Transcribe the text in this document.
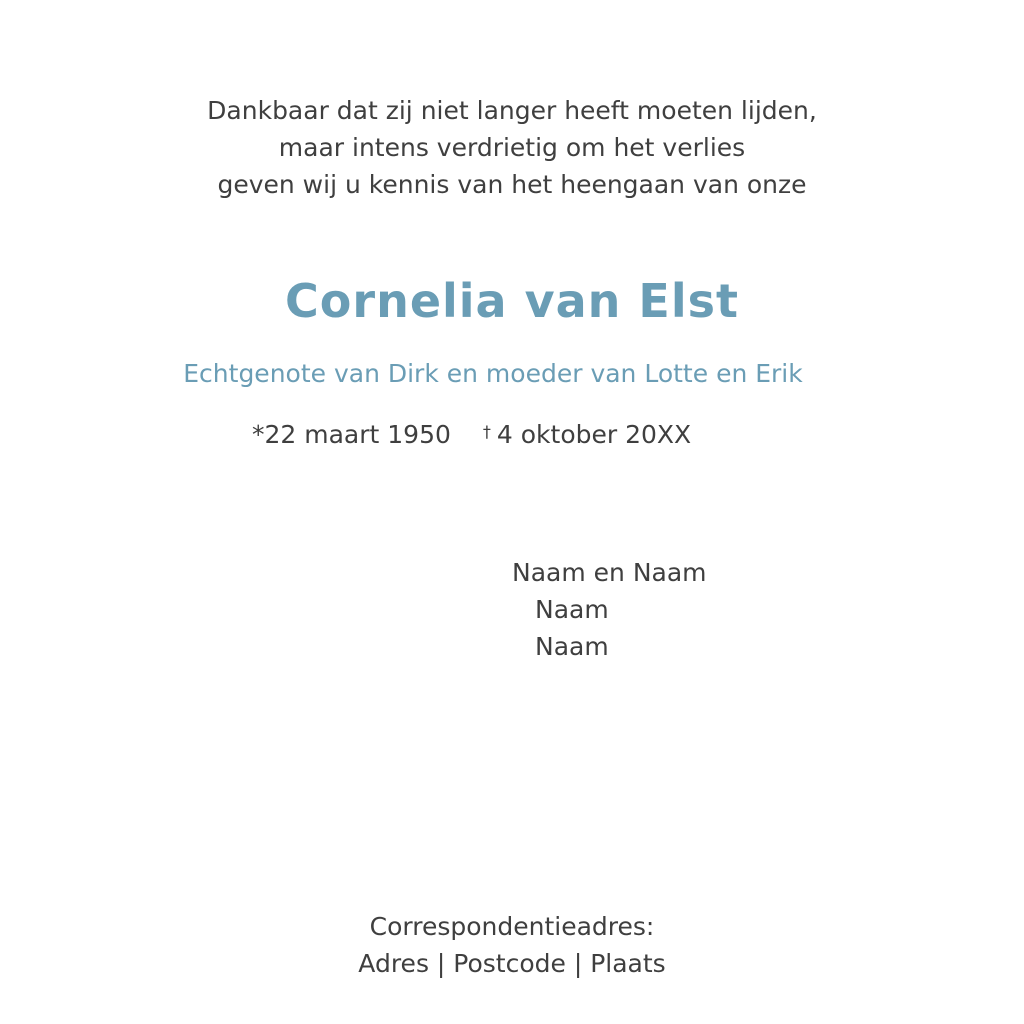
Dankbaar dat zij niet langer heeft moeten lijden,
maar intens verdrietig om het verlies
geven wij u kennis van het heengaan van onze
Cornelia van Elst
Echtgenote van Dirk en moeder van Lotte en Erik
*22 maart 1950 † 4 oktober 20XX
Naam en Naam
Naam
Naam
Correspondentieadres:
Adres | Postcode | Plaats
